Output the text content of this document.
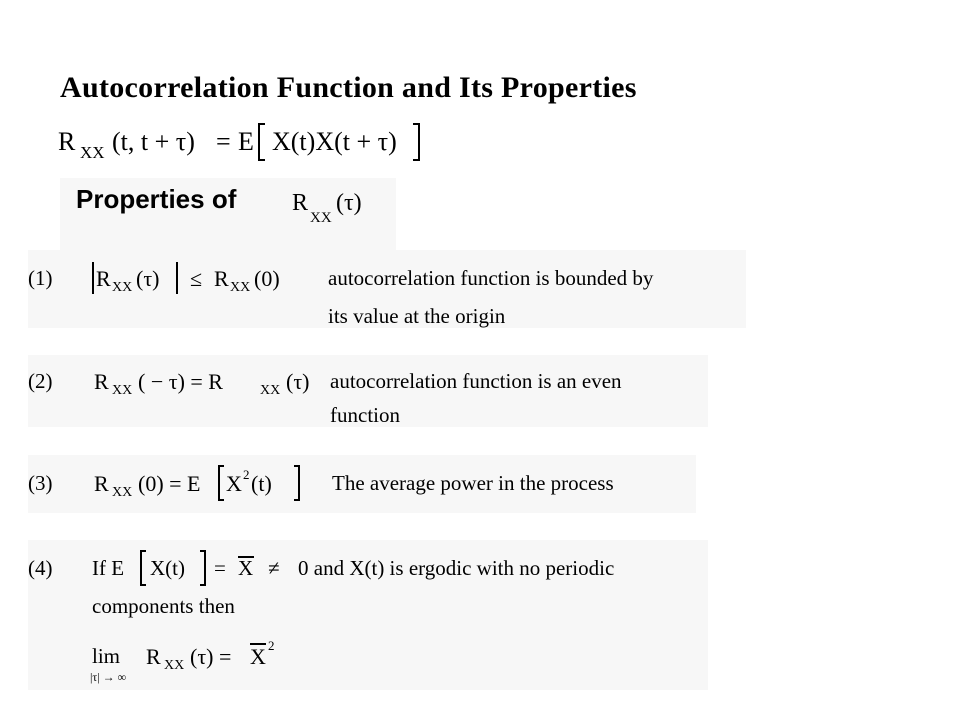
Autocorrelation Function and Its Properties
R XX (t, t + τ) = E X(t)X(t + τ)
Properties of R
XX
(τ)
(1) R XX (τ) ≤ R XX (0) autocorrelation function is bounded by
its value at the origin
(2) R XX ( − τ) = R	XX (τ) autocorrelation function is an even
function
(3) R XX (0) = E X 2 (t)	The average power in the process
(4) If E X(t) = X ≠ 0 and X(t) is ergodic with no periodic
components then
lim
|τ| → ∞
R XX (τ) = X 2
